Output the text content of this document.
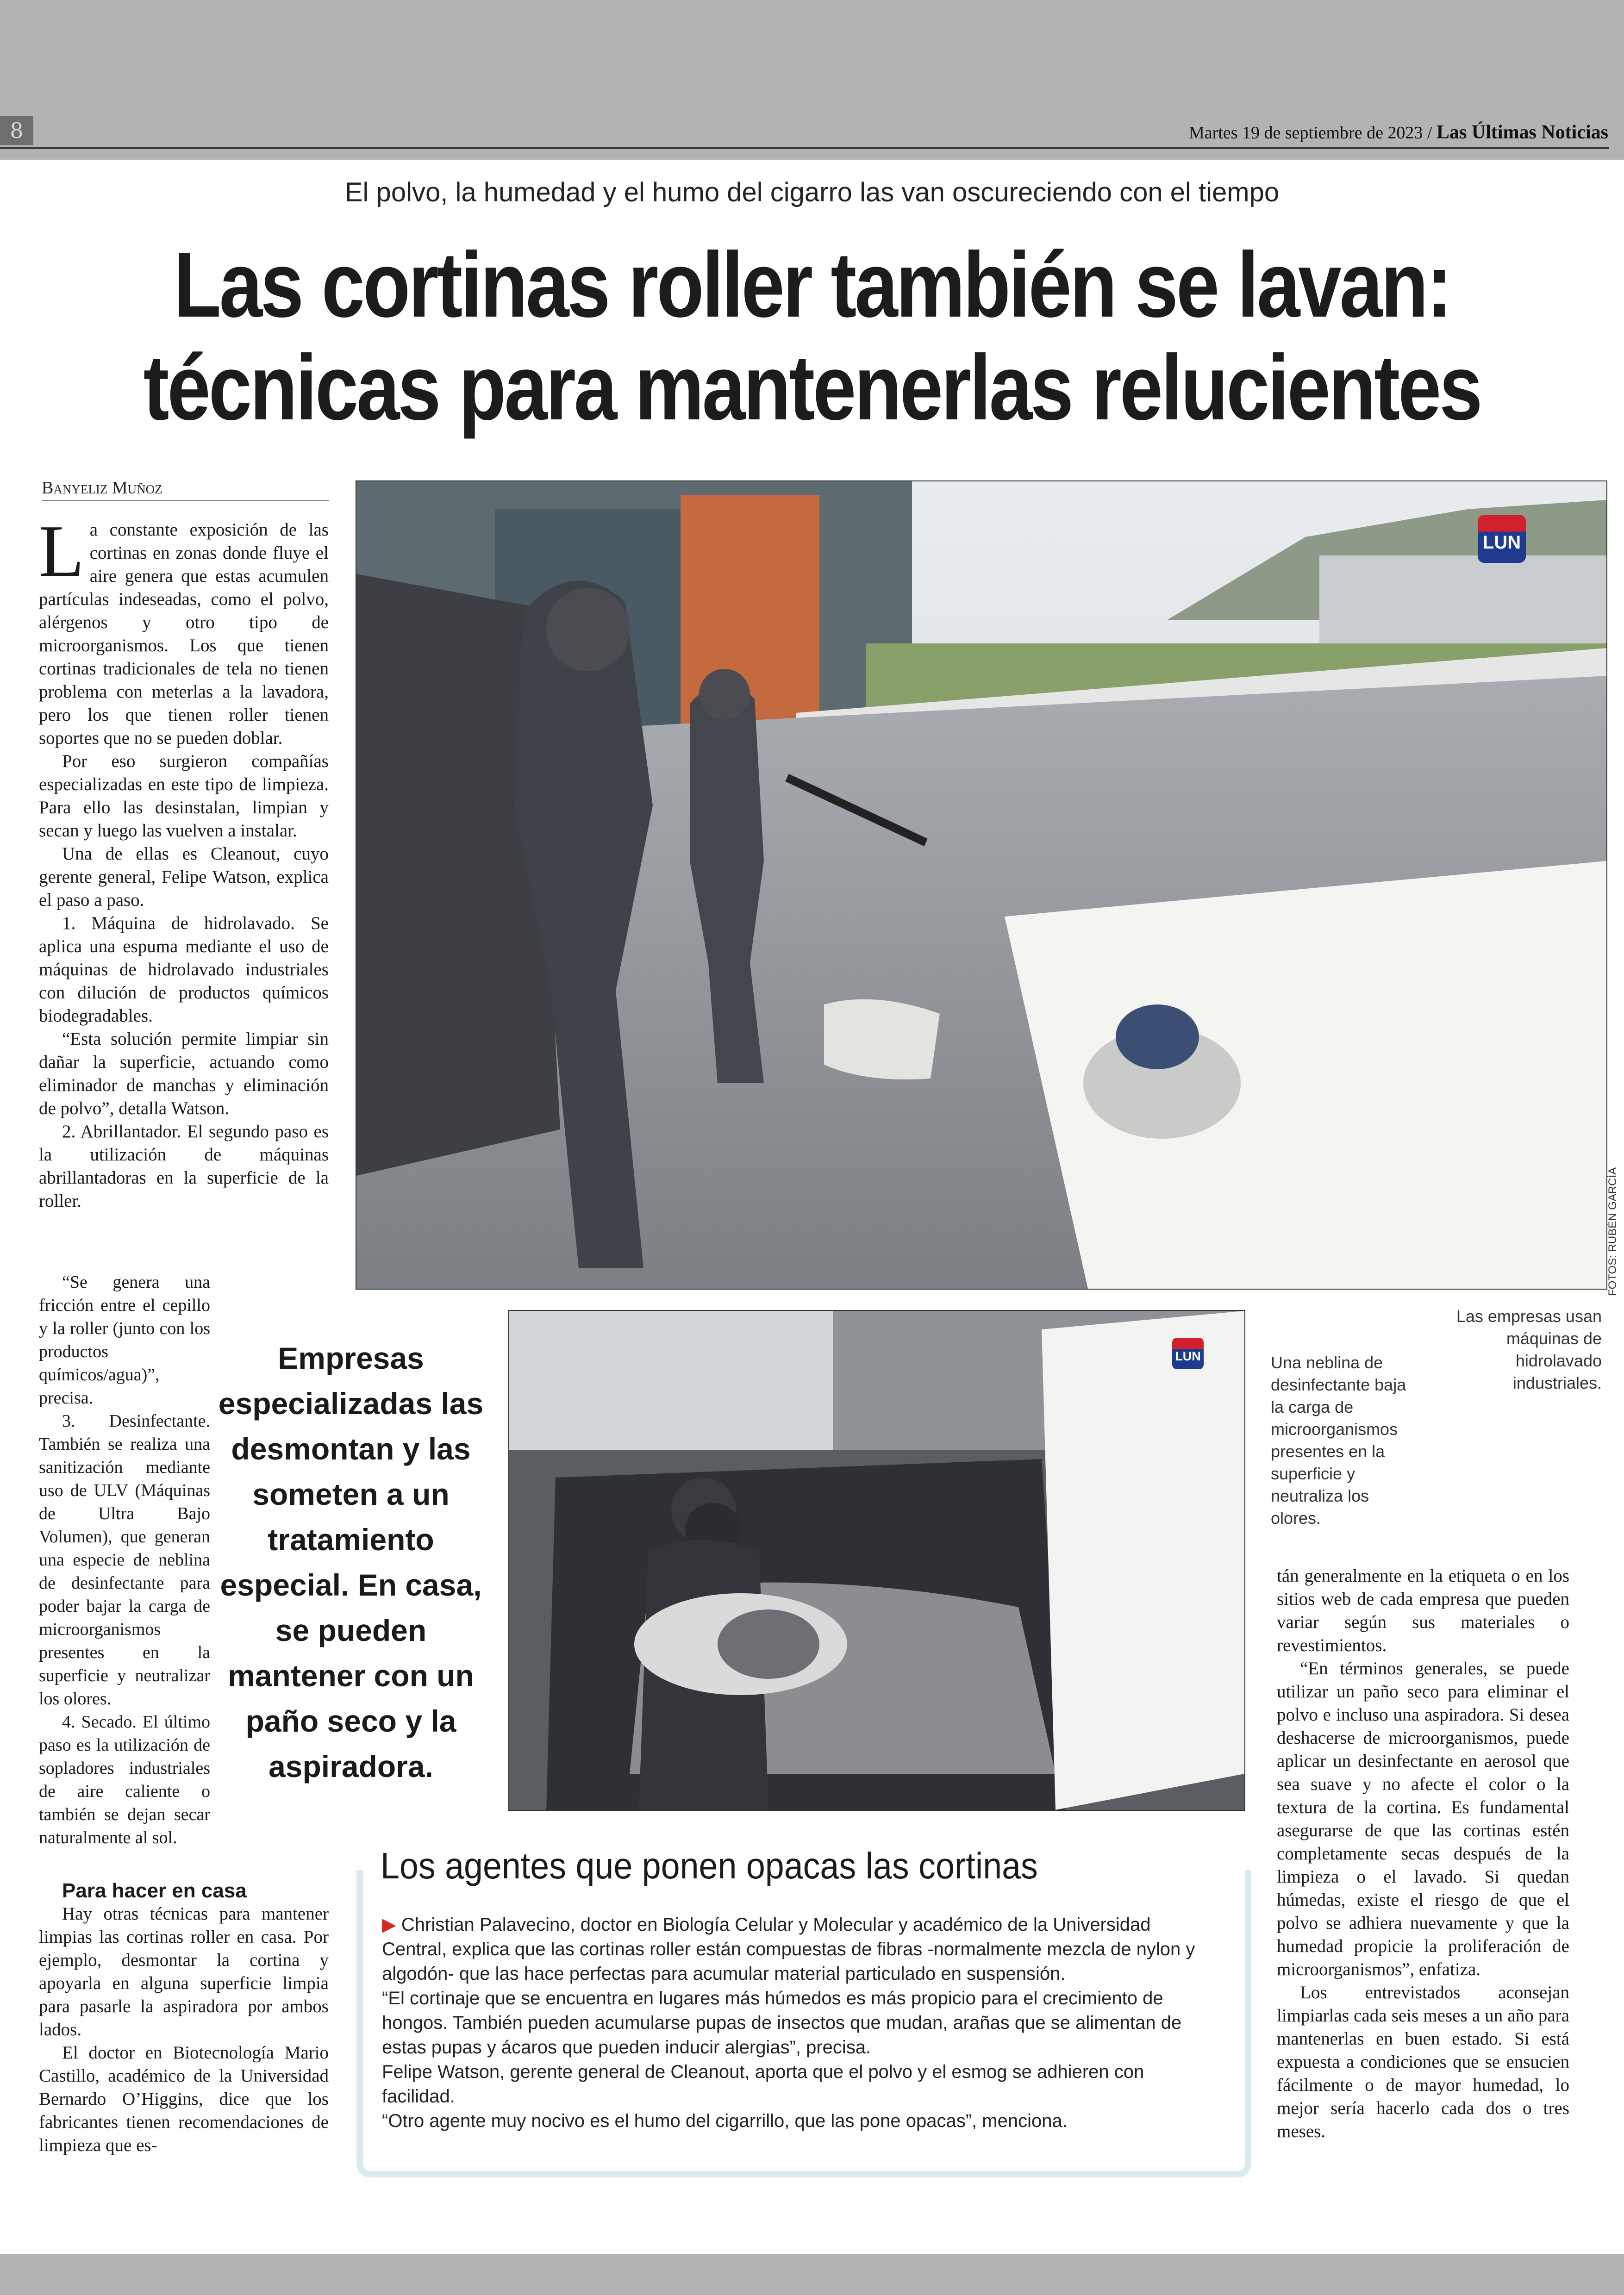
8	Martes 19 de septiembre de 2023 / Las Últimas Noticias
El polvo, la humedad y el humo del cigarro las van oscureciendo con el tiempo
Las cortinas roller también se lavan:
técnicas para mantenerlas relucientes
Banyeliz Muñoz

La constante exposición de las cortinas en zonas donde fluye el aire genera que estas acumulen partículas indeseadas, como el polvo, alérgenos y otro tipo de microorganismos. Los que tienen cortinas tradicionales de tela no tienen problema con meterlas a la lavadora, pero los que tienen roller tienen soportes que no se pueden doblar.

Por eso surgieron compañías especializadas en este tipo de limpieza. Para ello las desinstalan, limpian y secan y luego las vuelven a instalar.

Una de ellas es Cleanout, cuyo gerente general, Felipe Watson, explica el paso a paso.

1. Máquina de hidrolavado. Se aplica una espuma mediante el uso de máquinas de hidrolavado industriales con dilución de productos químicos biodegradables.

“Esta solución permite limpiar sin dañar la superficie, actuando como eliminador de manchas y eliminación de polvo”, detalla Watson.

2. Abrillantador. El segundo paso es la utilización de máquinas abrillantadoras en la superficie de la roller.

“Se genera una fricción entre el cepillo y la roller (junto con los productos químicos/agua)”, precisa.

3. Desinfectante. También se realiza una sanitización mediante uso de ULV (Máquinas de Ultra Bajo Volumen), que generan una especie de neblina de desinfectante para poder bajar la carga de microorganismos presentes en la superficie y neutralizar los olores.

4. Secado. El último paso es la utilización de sopladores industriales de aire caliente o también se dejan secar naturalmente al sol.

Para hacer en casa

Hay otras técnicas para mantener limpias las cortinas roller en casa. Por ejemplo, desmontar la cortina y apoyarla en alguna superficie limpia para pasarle la aspiradora por ambos lados.

El doctor en Biotecnología Mario Castillo, académico de la Universidad Bernardo O’Higgins, dice que los fabricantes tienen recomendaciones de limpieza que es-

LUN
FOTOS: RUBÉN GARCÍA
LUN
Las empresas usan máquinas de hidrolavado industriales.
Una neblina de desinfectante baja la carga de microorganismos presentes en la superficie y neutraliza los olores.
Empresas especializadas las desmontan y las someten a un tratamiento especial. En casa, se pueden mantener con un paño seco y la aspiradora.

tán generalmente en la etiqueta o en los sitios web de cada empresa que pueden variar según sus materiales o revestimientos.

“En términos generales, se puede utilizar un paño seco para eliminar el polvo e incluso una aspiradora. Si desea deshacerse de microorganismos, puede aplicar un desinfectante en aerosol que sea suave y no afecte el color o la textura de la cortina. Es fundamental asegurarse de que las cortinas estén completamente secas después de la limpieza o el lavado. Si quedan húmedas, existe el riesgo de que el polvo se adhiera nuevamente y que la humedad propicie la proliferación de microorganismos”, enfatiza.

Los entrevistados aconsejan limpiarlas cada seis meses a un año para mantenerlas en buen estado. Si está expuesta a condiciones que se ensucien fácilmente o de mayor humedad, lo mejor sería hacerlo cada dos o tres meses.

Los agentes que ponen opacas las cortinas
▶ Christian Palavecino, doctor en Biología Celular y Molecular y académico de la Universidad Central, explica que las cortinas roller están compuestas de fibras -normalmente mezcla de nylon y algodón- que las hace perfectas para acumular material particulado en suspensión.
“El cortinaje que se encuentra en lugares más húmedos es más propicio para el crecimiento de hongos. También pueden acumularse pupas de insectos que mudan, arañas que se alimentan de estas pupas y ácaros que pueden inducir alergias”, precisa.
Felipe Watson, gerente general de Cleanout, aporta que el polvo y el esmog se adhieren con facilidad.
“Otro agente muy nocivo es el humo del cigarrillo, que las pone opacas”, menciona.
